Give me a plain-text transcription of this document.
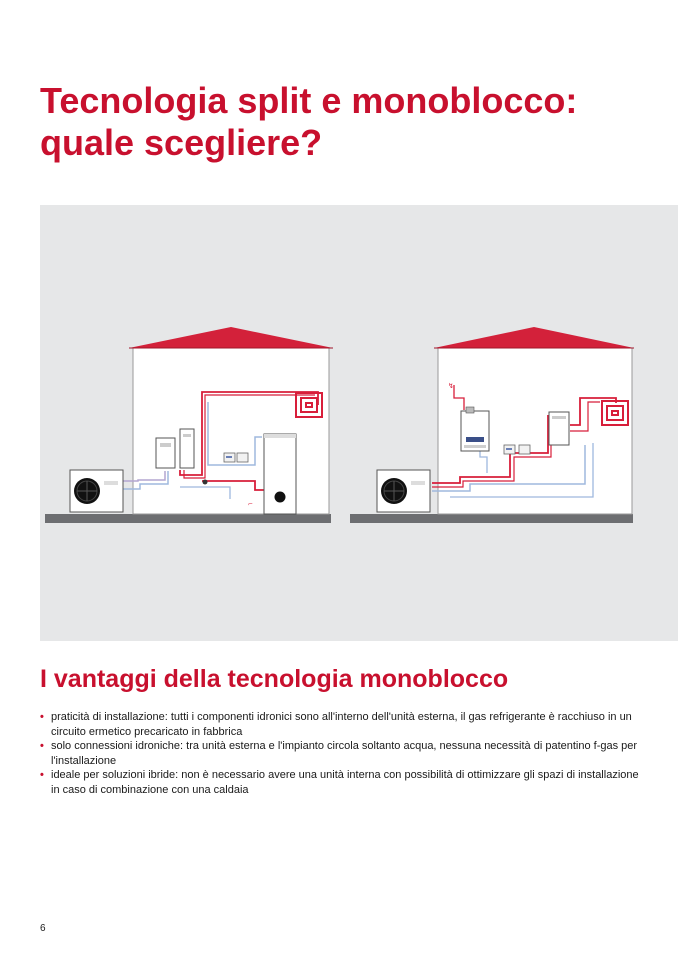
Tecnologia split e monoblocco:
quale scegliere?
⌐
↯
I vantaggi della tecnologia monoblocco
• praticità di installazione: tutti i componenti idronici sono all'interno dell'unità esterna, il gas refrigerante è racchiuso in un circuito ermetico precaricato in fabbrica
• solo connessioni idroniche: tra unità esterna e l'impianto circola soltanto acqua, nessuna necessità di patentino f-gas per l'installazione
• ideale per soluzioni ibride: non è necessario avere una unità interna con possibilità di ottimizzare gli spazi di installazione in caso di combinazione con una caldaia
6
